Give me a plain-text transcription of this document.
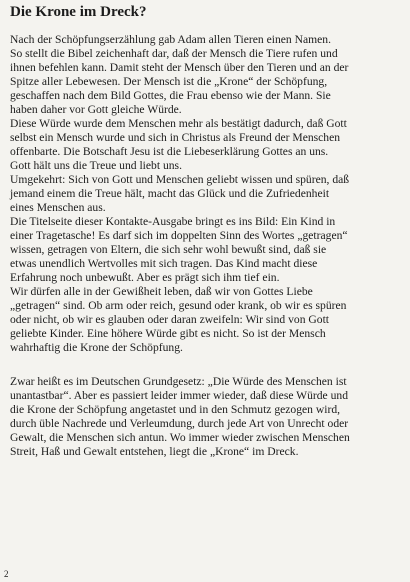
Die Krone im Dreck?
Nach der Schöpfungserzählung gab Adam allen Tieren einen Namen.
So stellt die Bibel zeichenhaft dar, daß der Mensch die Tiere rufen und
ihnen befehlen kann. Damit steht der Mensch über den Tieren und an der
Spitze aller Lebewesen. Der Mensch ist die „Krone“ der Schöpfung,
geschaffen nach dem Bild Gottes, die Frau ebenso wie der Mann. Sie
haben daher vor Gott gleiche Würde.
Diese Würde wurde dem Menschen mehr als bestätigt dadurch, daß Gott
selbst ein Mensch wurde und sich in Christus als Freund der Menschen
offenbarte. Die Botschaft Jesu ist die Liebeserklärung Gottes an uns.
Gott hält uns die Treue und liebt uns.
Umgekehrt: Sich von Gott und Menschen geliebt wissen und spüren, daß
jemand einem die Treue hält, macht das Glück und die Zufriedenheit
eines Menschen aus.
Die Titelseite dieser Kontakte-Ausgabe bringt es ins Bild: Ein Kind in
einer Tragetasche! Es darf sich im doppelten Sinn des Wortes „getragen“
wissen, getragen von Eltern, die sich sehr wohl bewußt sind, daß sie
etwas unendlich Wertvolles mit sich tragen. Das Kind macht diese
Erfahrung noch unbewußt. Aber es prägt sich ihm tief ein.
Wir dürfen alle in der Gewißheit leben, daß wir von Gottes Liebe
„getragen“ sind. Ob arm oder reich, gesund oder krank, ob wir es spüren
oder nicht, ob wir es glauben oder daran zweifeln: Wir sind von Gott
geliebte Kinder. Eine höhere Würde gibt es nicht. So ist der Mensch
wahrhaftig die Krone der Schöpfung.
Zwar heißt es im Deutschen Grundgesetz: „Die Würde des Menschen ist
unantastbar“. Aber es passiert leider immer wieder, daß diese Würde und
die Krone der Schöpfung angetastet und in den Schmutz gezogen wird,
durch üble Nachrede und Verleumdung, durch jede Art von Unrecht oder
Gewalt, die Menschen sich antun. Wo immer wieder zwischen Menschen
Streit, Haß und Gewalt entstehen, liegt die „Krone“ im Dreck.
2
